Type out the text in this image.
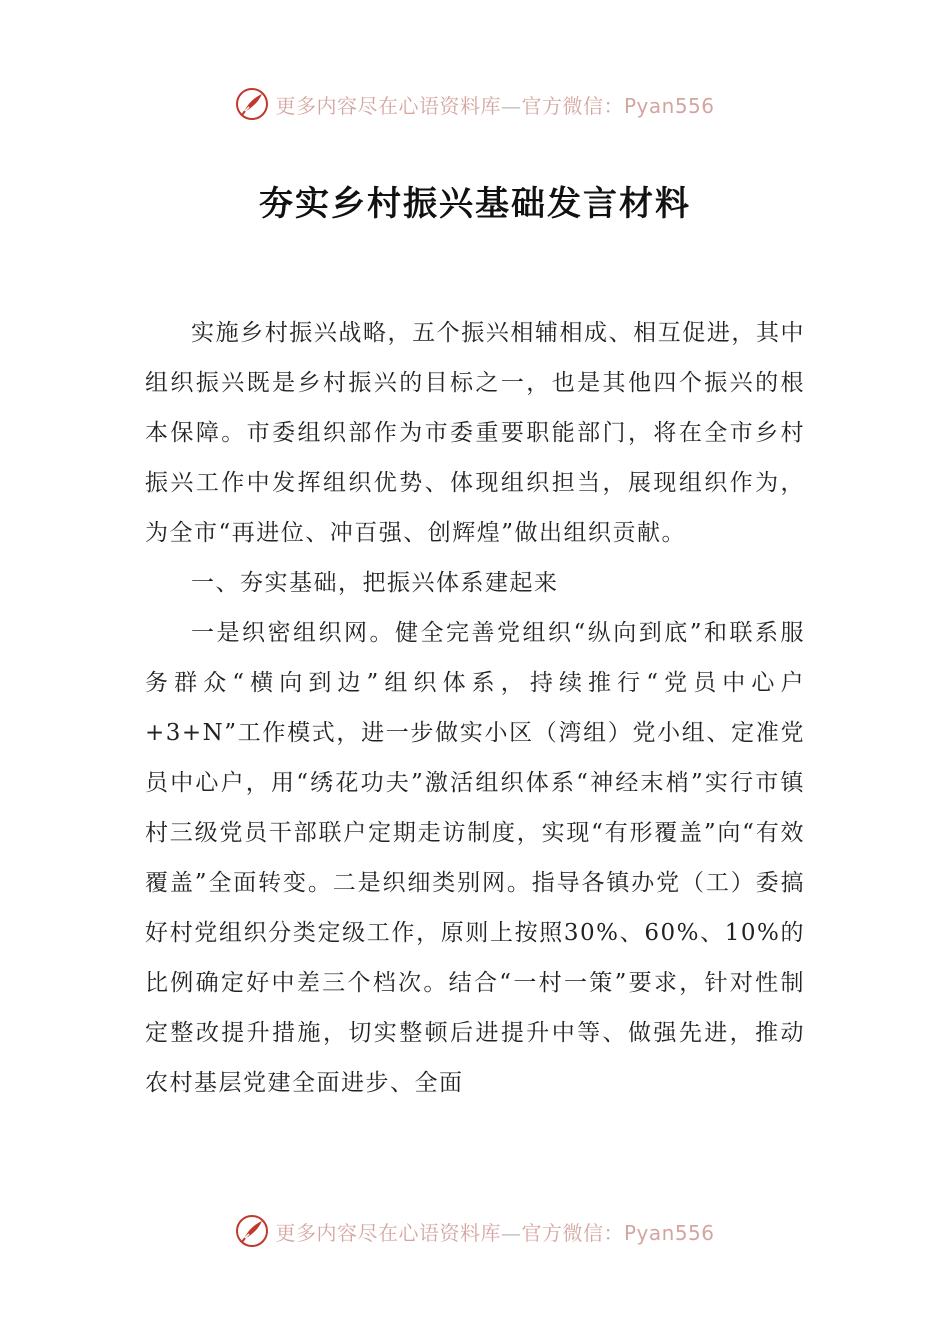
更多内容尽在心语资料库—官方微信：Pyan556
夯实乡村振兴基础发言材料

实施乡村振兴战略，五个振兴相辅相成、相互促进，其中组织振兴既是乡村振兴的目标之一，也是其他四个振兴的根本保障。市委组织部作为市委重要职能部门，将在全市乡村振兴工作中发挥组织优势、体现组织担当，展现组织作为，为全市“再进位、冲百强、创辉煌”做出组织贡献。

一、夯实基础，把振兴体系建起来

一是织密组织网。健全完善党组织“纵向到底”和联系服务群众“横向到边”组织体系，持续推行“党员中心户+3+N”工作模式，进一步做实小区（湾组）党小组、定准党员中心户，用“绣花功夫”激活组织体系“神经末梢”实行市镇村三级党员干部联户定期走访制度，实现“有形覆盖”向“有效覆盖”全面转变。二是织细类别网。指导各镇办党（工）委搞好村党组织分类定级工作，原则上按照30%、60%、10%的比例确定好中差三个档次。结合“一村一策”要求，针对性制定整改提升措施，切实整顿后进提升中等、做强先进，推动农村基层党建全面进步、全面

更多内容尽在心语资料库—官方微信：Pyan556
